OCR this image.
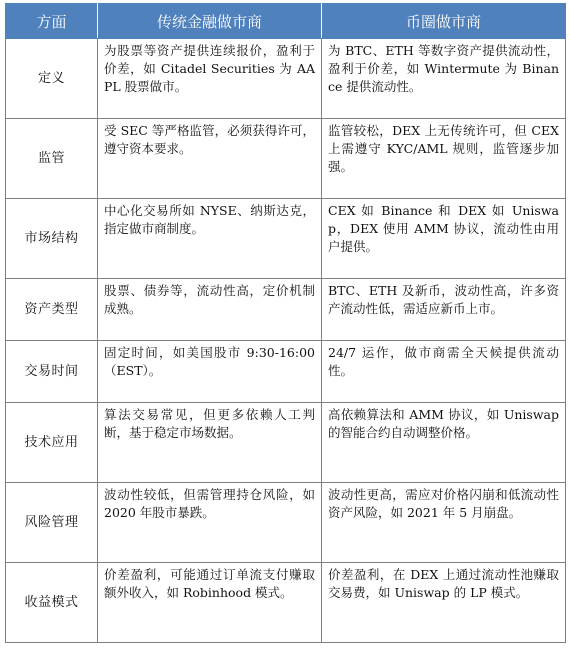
方面	传统金融做市商	币圈做市商
定义	为股票等资产提供连续报价，盈利于价差，如 Citadel Securities 为 AAPL 股票做市。	为 BTC、ETH 等数字资产提供流动性，盈利于价差，如 Wintermute 为 Binance 提供流动性。
监管	受 SEC 等严格监管，必须获得许可，遵守资本要求。	监管较松，DEX 上无传统许可，但 CEX 上需遵守 KYC/AML 规则，监管逐步加强。
市场结构	中心化交易所如 NYSE、纳斯达克，指定做市商制度。	CEX 如 Binance 和 DEX 如 Uniswap，DEX 使用 AMM 协议，流动性由用户提供。
资产类型	股票、债券等，流动性高，定价机制成熟。	BTC、ETH 及新币，波动性高，许多资产流动性低，需适应新币上市。
交易时间	固定时间，如美国股市 9:30-16:00（EST）。	24/7 运作，做市商需全天候提供流动性。
技术应用	算法交易常见，但更多依赖人工判断，基于稳定市场数据。	高依赖算法和 AMM 协议，如 Uniswap 的智能合约自动调整价格。
风险管理	波动性较低，但需管理持仓风险，如 2020 年股市暴跌。	波动性更高，需应对价格闪崩和低流动性资产风险，如 2021 年 5 月崩盘。
收益模式	价差盈利，可能通过订单流支付赚取额外收入，如 Robinhood 模式。	价差盈利，在 DEX 上通过流动性池赚取交易费，如 Uniswap 的 LP 模式。
